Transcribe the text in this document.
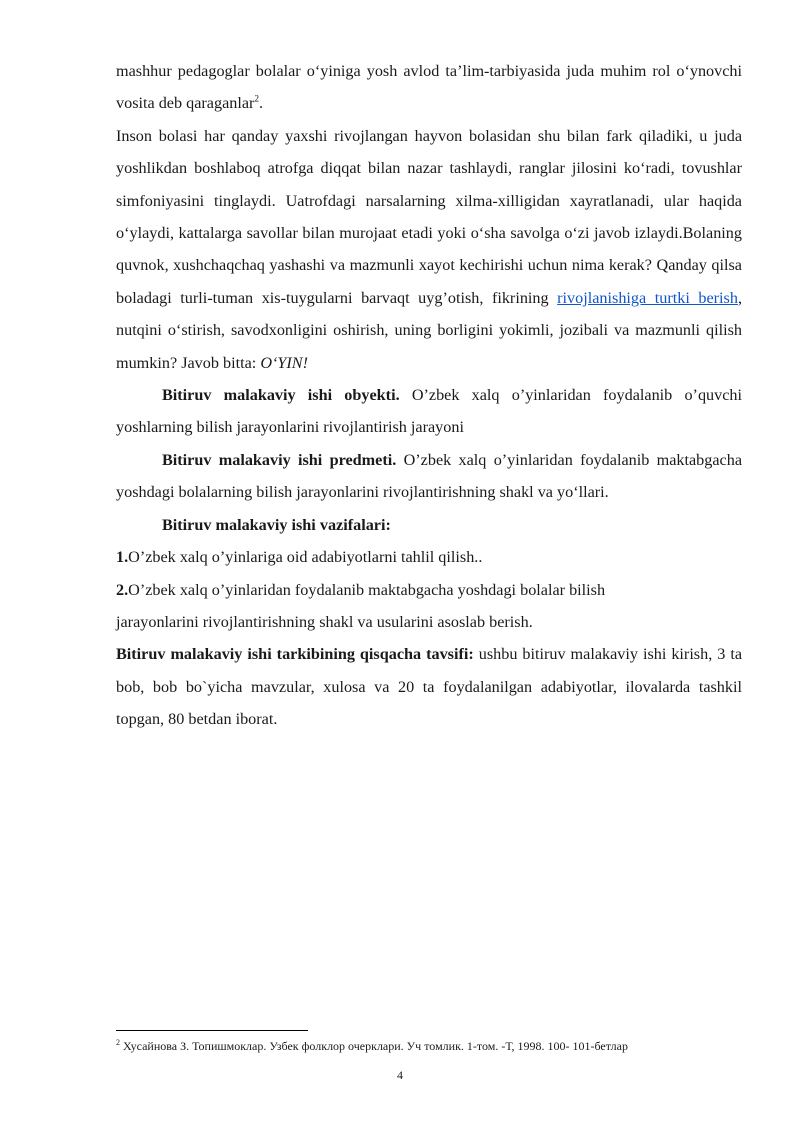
mashhur pedagoglar bolalar o‘yiniga yosh avlod ta’lim-tarbiyasida juda muhim rol o‘ynovchi vosita deb qaraganlar$^2$.

Inson bolasi har qanday yaxshi rivojlangan hayvon bolasidan shu bilan fark qiladiki, u juda yoshlikdan boshlaboq atrofga diqqat bilan nazar tashlaydi, ranglar jilosini ko‘radi, tovushlar simfoniyasini tinglaydi. Uatrofdagi narsalarning xilma-xilligidan xayratlanadi, ular haqida o‘ylaydi, kattalarga savollar bilan murojaat etadi yoki o‘sha savolga o‘zi javob izlaydi.Bolaning quvnok, xushchaqchaq yashashi va mazmunli xayot kechirishi uchun nima kerak? Qanday qilsa boladagi turli-tuman xis-tuygularni barvaqt uyg’otish, fikrining rivojlanishiga turtki berish, nutqini o‘stirish, savodxonligini oshirish, uning borligini yokimli, jozibali va mazmunli qilish mumkin? Javob bitta: O‘YIN!

Bitiruv malakaviy ishi obyekti. O’zbek xalq o’yinlaridan foydalanib o’quvchi yoshlarning bilish jarayonlarini rivojlantirish jarayoni

Bitiruv malakaviy ishi predmeti. O’zbek xalq o’yinlaridan foydalanib maktabgacha yoshdagi bolalarning bilish jarayonlarini rivojlantirishning shakl va yo‘llari.

Bitiruv malakaviy ishi vazifalari:

1.O’zbek xalq o’yinlariga oid adabiyotlarni tahlil qilish..

2.O’zbek xalq o’yinlaridan foydalanib maktabgacha yoshdagi bolalar bilish jarayonlarini rivojlantirishning shakl va usularini asoslab berish.

Bitiruv malakaviy ishi tarkibining qisqacha tavsifi: ushbu bitiruv malakaviy ishi kirish, 3 ta bob, bob bo`yicha mavzular, xulosa va 20 ta foydalanilgan adabiyotlar, ilovalarda tashkil topgan, 80 betdan iborat.

$^2$ Хусайнова З. Топишмоклар. Узбек фолклор очерклари. Уч томлик. 1-том. -Т, 1998. 100- 101-бетлар
4
